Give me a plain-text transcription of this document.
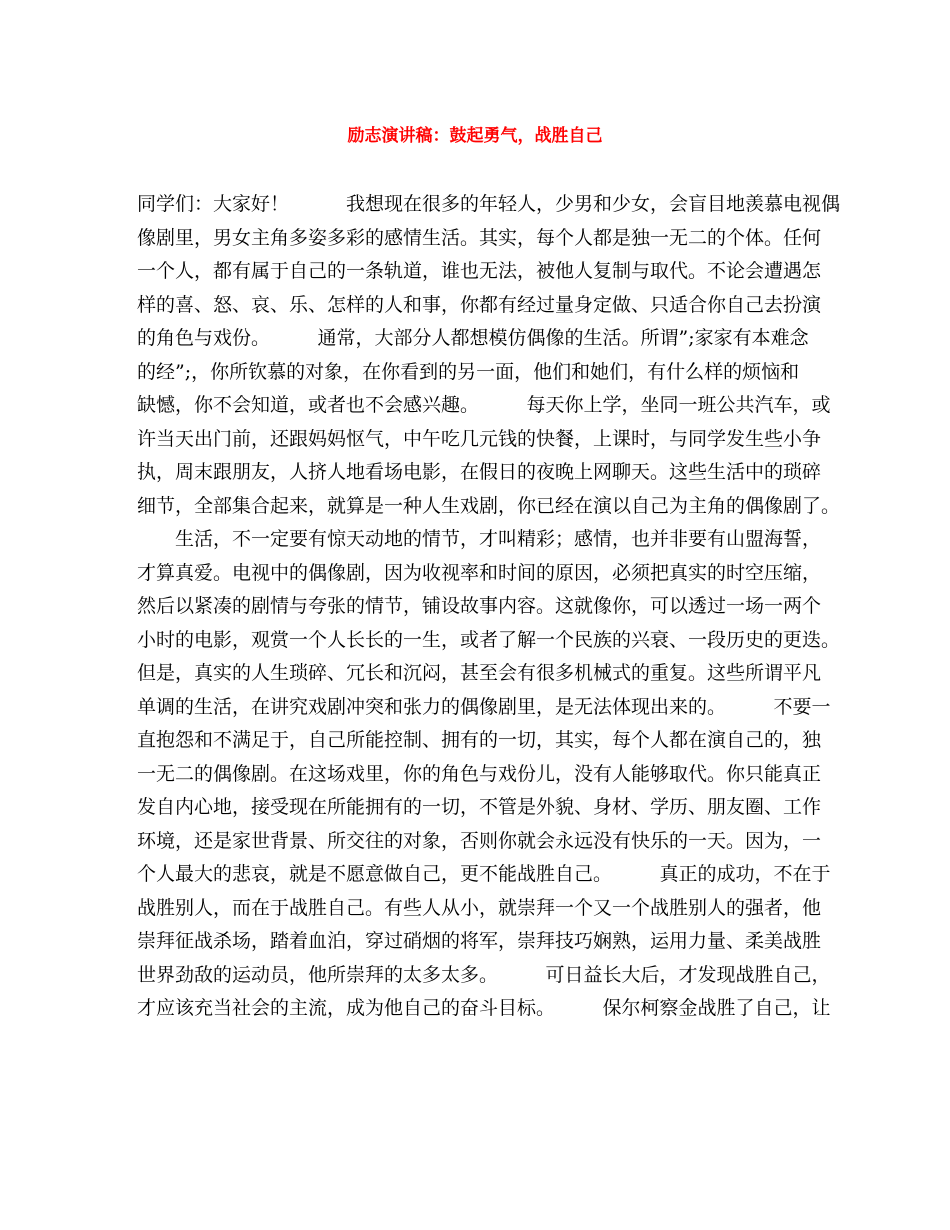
励志演讲稿：鼓起勇气，战胜自己
同学们：大家好！　　　我想现在很多的年轻人，少男和少女，会盲目地羡慕电视偶
像剧里，男女主角多姿多彩的感情生活。其实，每个人都是独一无二的个体。任何
一个人，都有属于自己的一条轨道，谁也无法，被他人复制与取代。不论会遭遇怎
样的喜、怒、哀、乐、怎样的人和事，你都有经过量身定做、只适合你自己去扮演
的角色与戏份。　　　通常，大部分人都想模仿偶像的生活。所谓”;家家有本难念
的经”;，你所钦慕的对象，在你看到的另一面，他们和她们，有什么样的烦恼和
缺憾，你不会知道，或者也不会感兴趣。　　　每天你上学，坐同一班公共汽车，或
许当天出门前，还跟妈妈怄气，中午吃几元钱的快餐，上课时，与同学发生些小争
执，周末跟朋友，人挤人地看场电影，在假日的夜晚上网聊天。这些生活中的琐碎
细节，全部集合起来，就算是一种人生戏剧，你已经在演以自己为主角的偶像剧了。
生活，不一定要有惊天动地的情节，才叫精彩；感情，也并非要有山盟海誓，
才算真爱。电视中的偶像剧，因为收视率和时间的原因，必须把真实的时空压缩，
然后以紧凑的剧情与夸张的情节，铺设故事内容。这就像你，可以透过一场一两个
小时的电影，观赏一个人长长的一生，或者了解一个民族的兴衰、一段历史的更迭。
但是，真实的人生琐碎、冗长和沉闷，甚至会有很多机械式的重复。这些所谓平凡
单调的生活，在讲究戏剧冲突和张力的偶像剧里，是无法体现出来的。　　　不要一
直抱怨和不满足于，自己所能控制、拥有的一切，其实，每个人都在演自己的，独
一无二的偶像剧。在这场戏里，你的角色与戏份儿，没有人能够取代。你只能真正
发自内心地，接受现在所能拥有的一切，不管是外貌、身材、学历、朋友圈、工作
环境，还是家世背景、所交往的对象，否则你就会永远没有快乐的一天。因为，一
个人最大的悲哀，就是不愿意做自己，更不能战胜自己。　　　真正的成功，不在于
战胜别人，而在于战胜自己。有些人从小，就崇拜一个又一个战胜别人的强者，他
崇拜征战杀场，踏着血泊，穿过硝烟的将军，崇拜技巧娴熟，运用力量、柔美战胜
世界劲敌的运动员，他所崇拜的太多太多。　　　可日益长大后，才发现战胜自己，
才应该充当社会的主流，成为他自己的奋斗目标。　　　保尔柯察金战胜了自己，让
